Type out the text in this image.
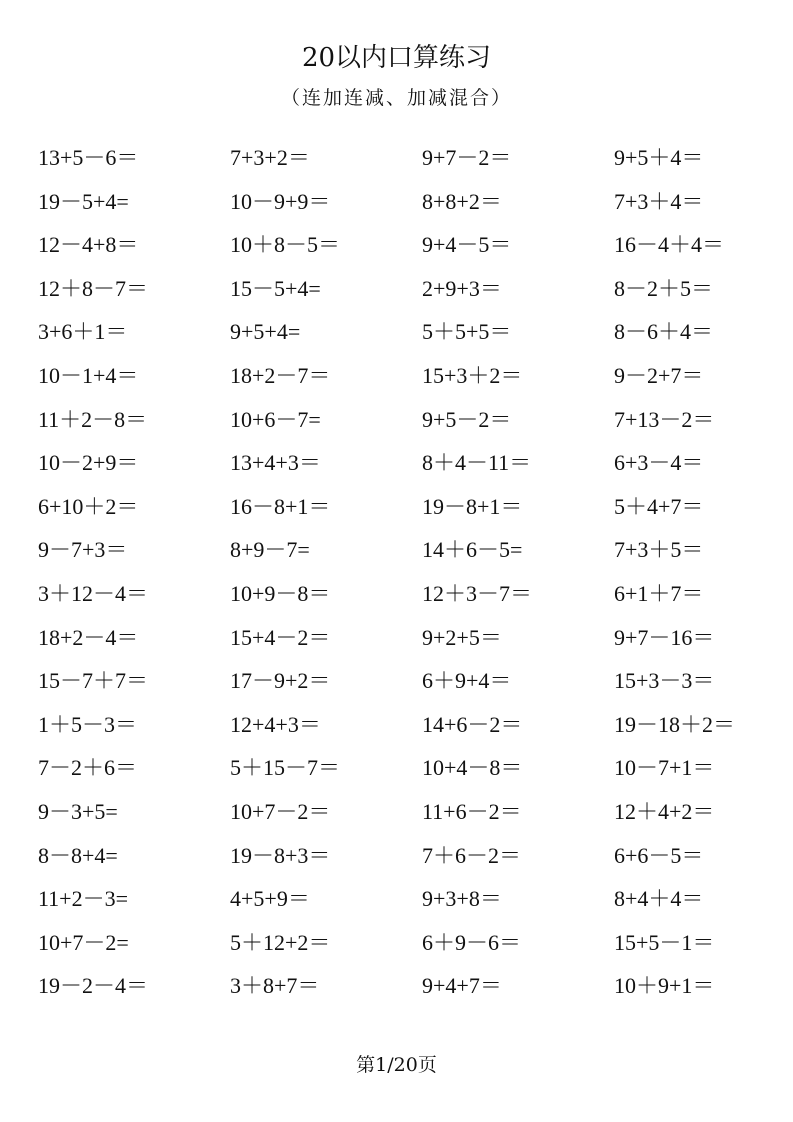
20以内口算练习
（连加连减、加减混合）
13+5－6＝	7+3+2＝	9+7－2＝	9+5＋4＝
19－5+4=	10－9+9＝	8+8+2＝	7+3＋4＝
12－4+8＝	10＋8－5＝	9+4－5＝	16－4＋4＝
12＋8－7＝	15－5+4=	2+9+3＝	8－2＋5＝
3+6＋1＝	9+5+4=	5＋5+5＝	8－6＋4＝
10－1+4＝	18+2－7＝	15+3＋2＝	9－2+7＝
11＋2－8＝	10+6－7=	9+5－2＝	7+13－2＝
10－2+9＝	13+4+3＝	8＋4－11＝	6+3－4＝
6+10＋2＝	16－8+1＝	19－8+1＝	5＋4+7＝
9－7+3＝	8+9－7=	14＋6－5=	7+3＋5＝
3＋12－4＝	10+9－8＝	12＋3－7＝	6+1＋7＝
18+2－4＝	15+4－2＝	9+2+5＝	9+7－16＝
15－7＋7＝	17－9+2＝	6＋9+4＝	15+3－3＝
1＋5－3＝	12+4+3＝	14+6－2＝	19－18＋2＝
7－2＋6＝	5＋15－7＝	10+4－8＝	10－7+1＝
9－3+5=	10+7－2＝	11+6－2＝	12＋4+2＝
8－8+4=	19－8+3＝	7＋6－2＝	6+6－5＝
11+2－3=	4+5+9＝	9+3+8＝	8+4＋4＝
10+7－2=	5＋12+2＝	6＋9－6＝	15+5－1＝
19－2－4＝	3＋8+7＝	9+4+7＝	10＋9+1＝
第1/20页
